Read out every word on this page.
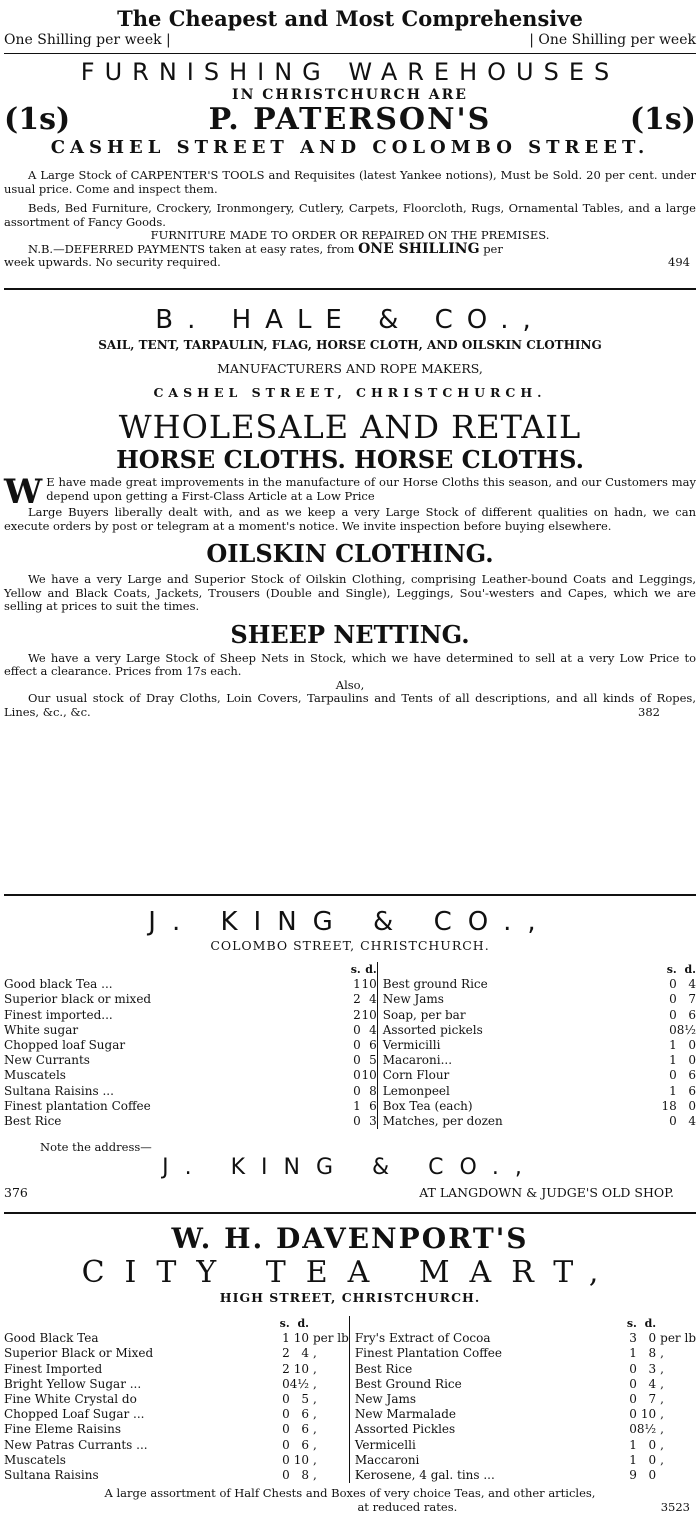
The Cheapest and Most Comprehensive
One Shilling per week |	| One Shilling per week
FURNISHING WAREHOUSES
IN CHRISTCHURCH ARE
(1s)	P. PATERSON'S	(1s)
CASHEL STREET AND COLOMBO STREET.
A Large Stock of CARPENTER'S TOOLS and Requisites (latest Yankee notions), Must be Sold. 20 per cent. under usual price. Come and inspect them.
Beds, Bed Furniture, Crockery, Ironmongery, Cutlery, Carpets, Floorcloth, Rugs, Ornamental Tables, and a large assortment of Fancy Goods.
FURNITURE MADE TO ORDER OR REPAIRED ON THE PREMISES.
N.B.—DEFERRED PAYMENTS taken at easy rates, from ONE SHILLING per
week upwards. No security required.	494
B. HALE & CO.,
SAIL, TENT, TARPAULIN, FLAG, HORSE CLOTH, AND OILSKIN CLOTHING
MANUFACTURERS AND ROPE MAKERS,
CASHEL STREET, CHRISTCHURCH.
WHOLESALE AND RETAIL
HORSE CLOTHS. HORSE CLOTHS.
W E have made great improvements in the manufacture of our Horse Cloths this season, and our Customers may depend upon getting a First-Class Article at a Low Price
Large Buyers liberally dealt with, and as we keep a very Large Stock of different qualities on hadn, we can execute orders by post or telegram at a moment's notice. We invite inspection before buying elsewhere.
OILSKIN CLOTHING.
We have a very Large and Superior Stock of Oilskin Clothing, comprising Leather-bound Coats and Leggings, Yellow and Black Coats, Jackets, Trousers (Double and Single), Leggings, Sou'-westers and Capes, which we are selling at prices to suit the times.
SHEEP NETTING.
We have a very Large Stock of Sheep Nets in Stock, which we have determined to sell at a very Low Price to effect a clearance. Prices from 17s each.
Also,
Our usual stock of Dray Cloths, Loin Covers, Tarpaulins and Tents of all descriptions, and all kinds of Ropes, Lines, &c., &c.	382
J. KING & CO.,
COLOMBO STREET, CHRISTCHURCH.
	s.	d.			s.	d.
Good black Tea ...	1	10		Best ground Rice	0	4
Superior black or mixed	2	4		New Jams	0	7
Finest imported...	2	10		Soap, per bar	0	6
White sugar	0	4		Assorted pickels	0	8½
Chopped loaf Sugar	0	6		Vermicilli	1	0
New Currants	0	5		Macaroni...	1	0
Muscatels	0	10		Corn Flour	0	6
Sultana Raisins ...	0	8		Lemonpeel	1	6
Finest plantation Coffee	1	6		Box Tea (each)	18	0
Best Rice	0	3		Matches, per dozen	0	4
Note the address—
J. KING & CO.,
376	AT LANGDOWN & JUDGE'S OLD SHOP.
W. H. DAVENPORT'S
CITY TEA MART,
HIGH STREET, CHRISTCHURCH.
	s.	d.				s.	d.	
Good Black Tea	1	10	per lb		Fry's Extract of Cocoa	3	0	per lb
Superior Black or Mixed	2	4	,		Finest Plantation Coffee	1	8	,
Finest Imported	2	10	,		Best Rice	0	3	,
Bright Yellow Sugar ...	0	4½	,		Best Ground Rice	0	4	,
Fine White Crystal do	0	5	,		New Jams	0	7	,
Chopped Loaf Sugar ...	0	6	,		New Marmalade	0	10	,
Fine Eleme Raisins	0	6	,		Assorted Pickles	0	8½	,
New Patras Currants ...	0	6	,		Vermicelli	1	0	,
Muscatels	0	10	,		Maccaroni	1	0	,
Sultana Raisins	0	8	,		Kerosene, 4 gal. tins ...	9	0	
A large assortment of Half Chests and Boxes of very choice Teas, and other articles,
at reduced rates.	3523
